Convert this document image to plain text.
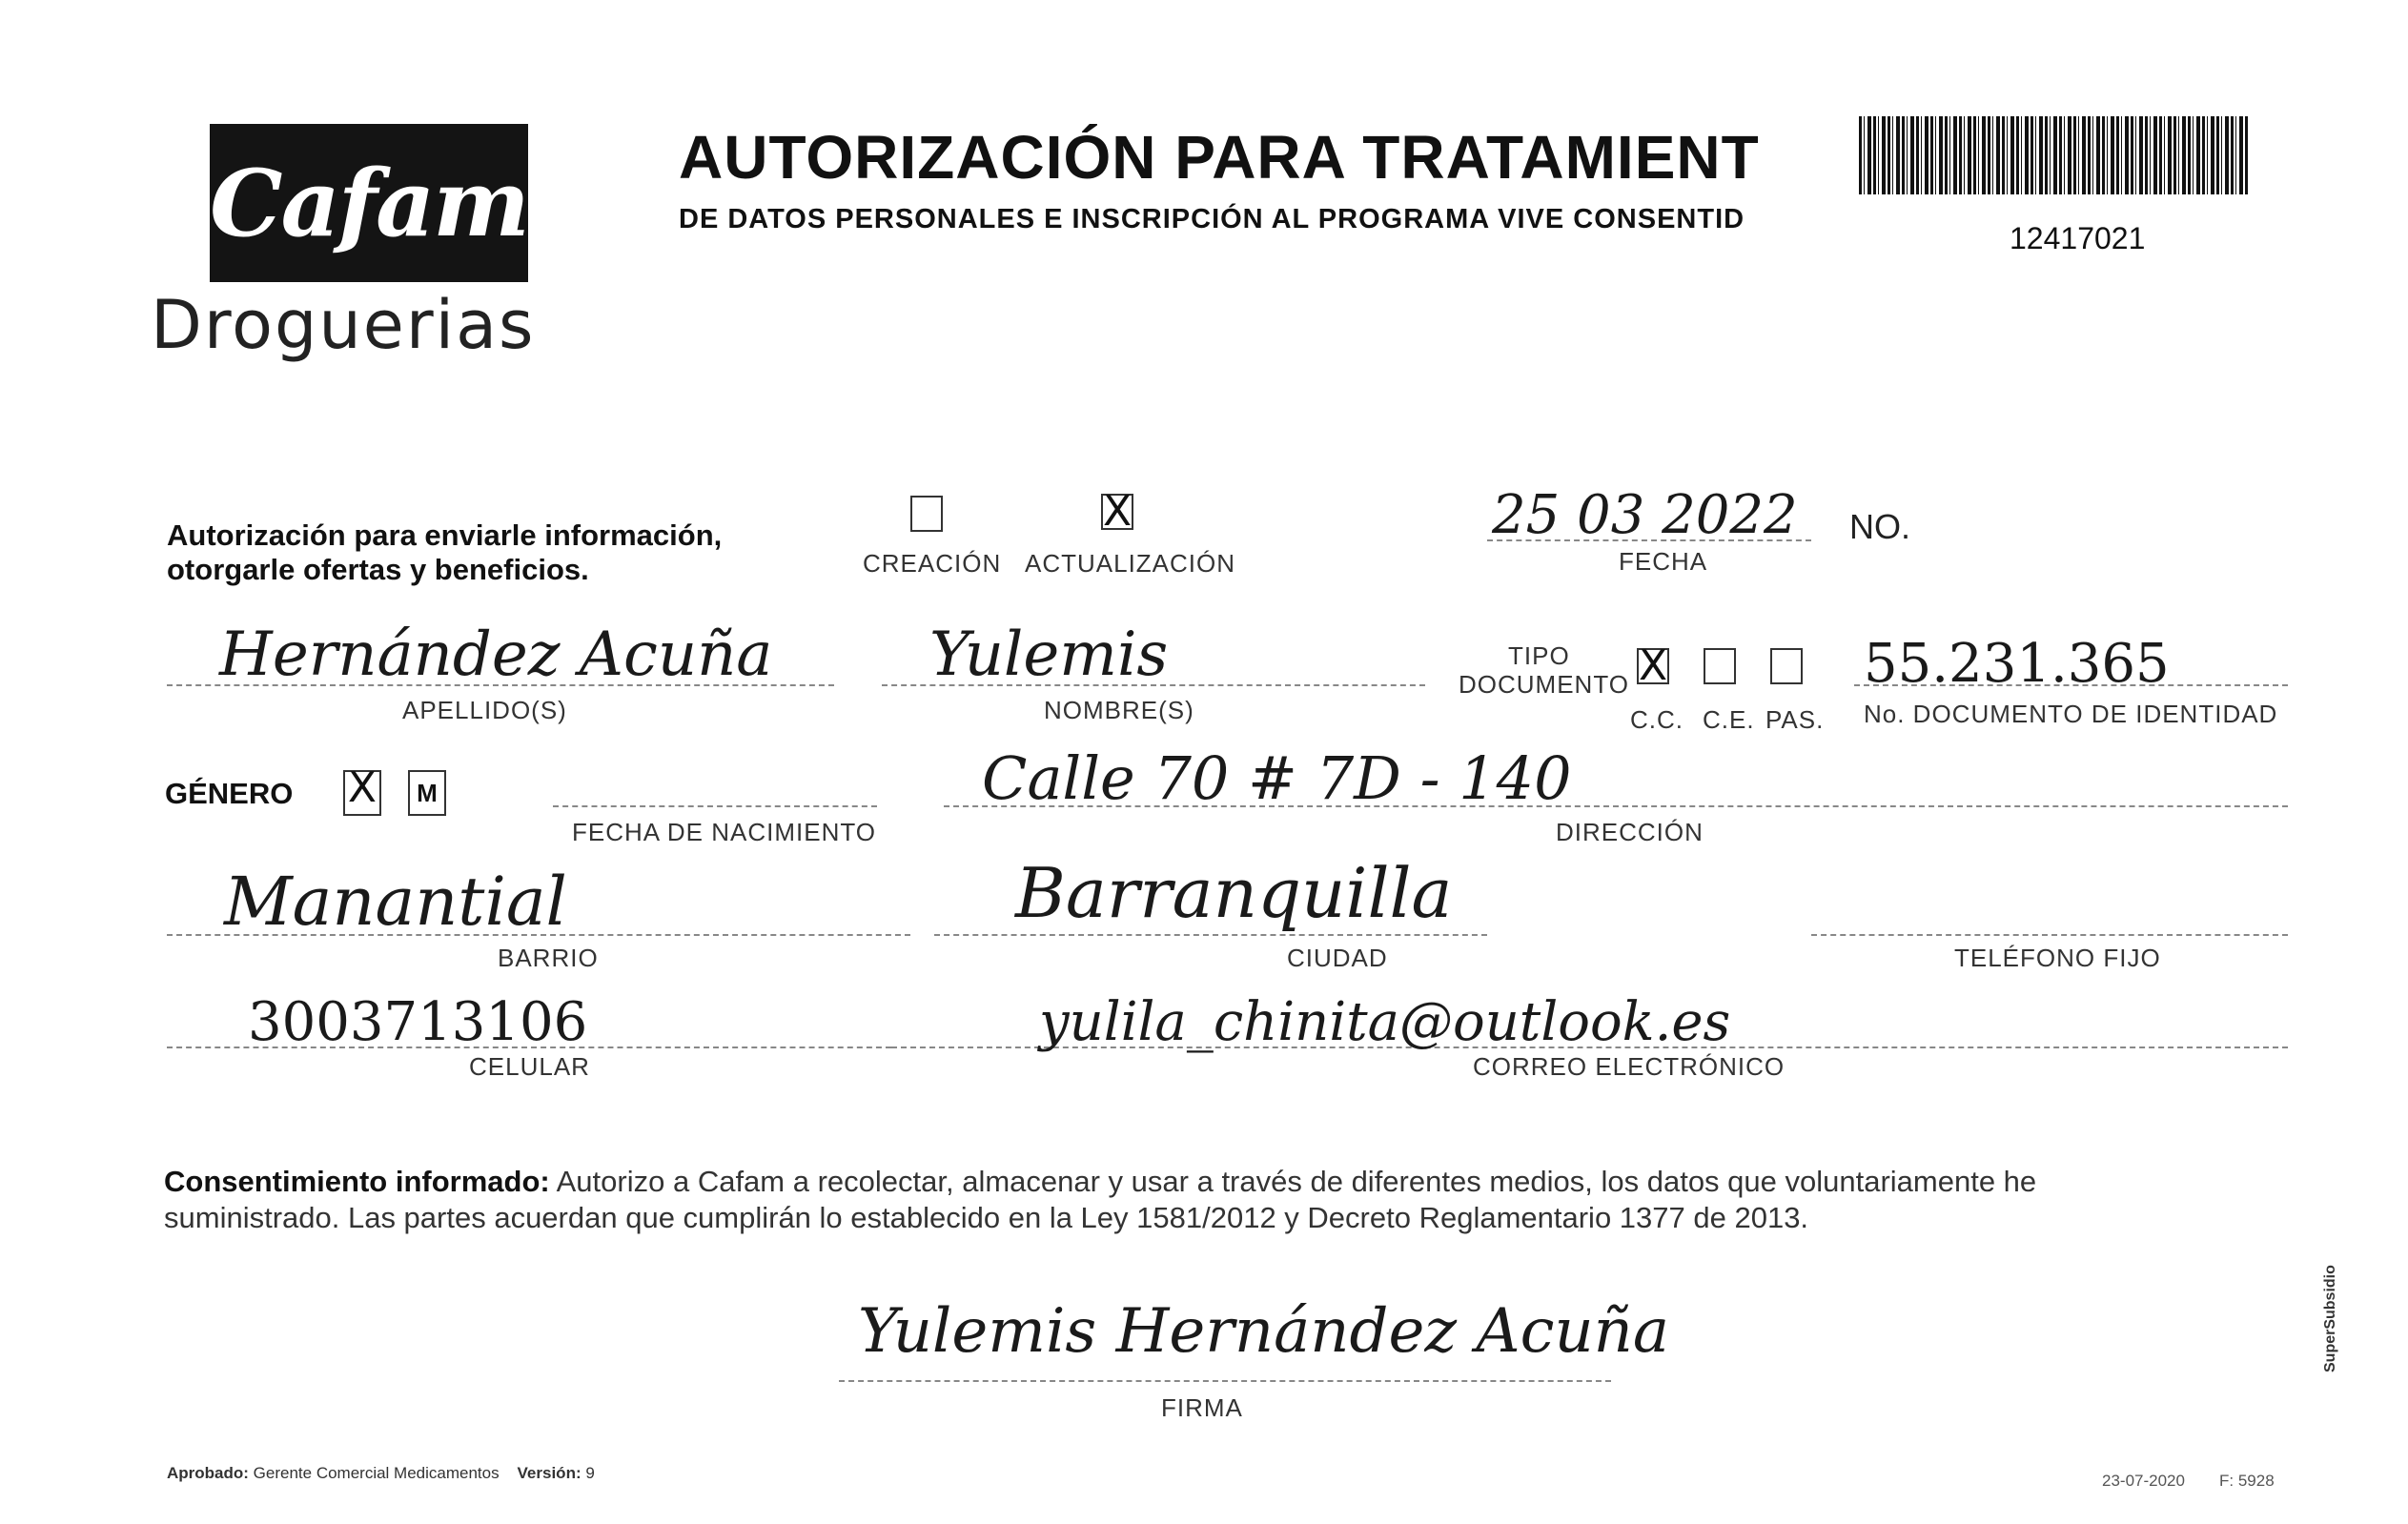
Cafam
Droguerias
AUTORIZACIÓN PARA TRATAMIENT
DE DATOS PERSONALES E INSCRIPCIÓN AL PROGRAMA VIVE CONSENTID
12417021
Autorización para enviarle información,
otorgarle ofertas y beneficios.	CREACIÓN
X
ACTUALIZACIÓN
25 03 2022
FECHA
NO.
Hernández Acuña
APELLIDO(S)
Yulemis
NOMBRE(S)
TIPO
DOCUMENTO X
C.C. C.E. PAS.
55.231.365
No. DOCUMENTO DE IDENTIDAD
GÉNERO X M
FECHA DE NACIMIENTO
Calle 70 # 7D - 140
DIRECCIÓN
Manantial
BARRIO
Barranquilla
CIUDAD	TELÉFONO FIJO
3003713106
CELULAR
yulila_chinita@outlook.es
CORREO ELECTRÓNICO
Consentimiento informado: Autorizo a Cafam a recolectar, almacenar y usar a través de diferentes medios, los datos que voluntariamente he
suministrado. Las partes acuerdan que cumplirán lo establecido en la Ley 1581/2012 y Decreto Reglamentario 1377 de 2013.
Yulemis Hernández Acuña
FIRMA
Aprobado: Gerente Comercial Medicamentos Versión: 9	23-07-2020 F: 5928
SuperSubsidio
